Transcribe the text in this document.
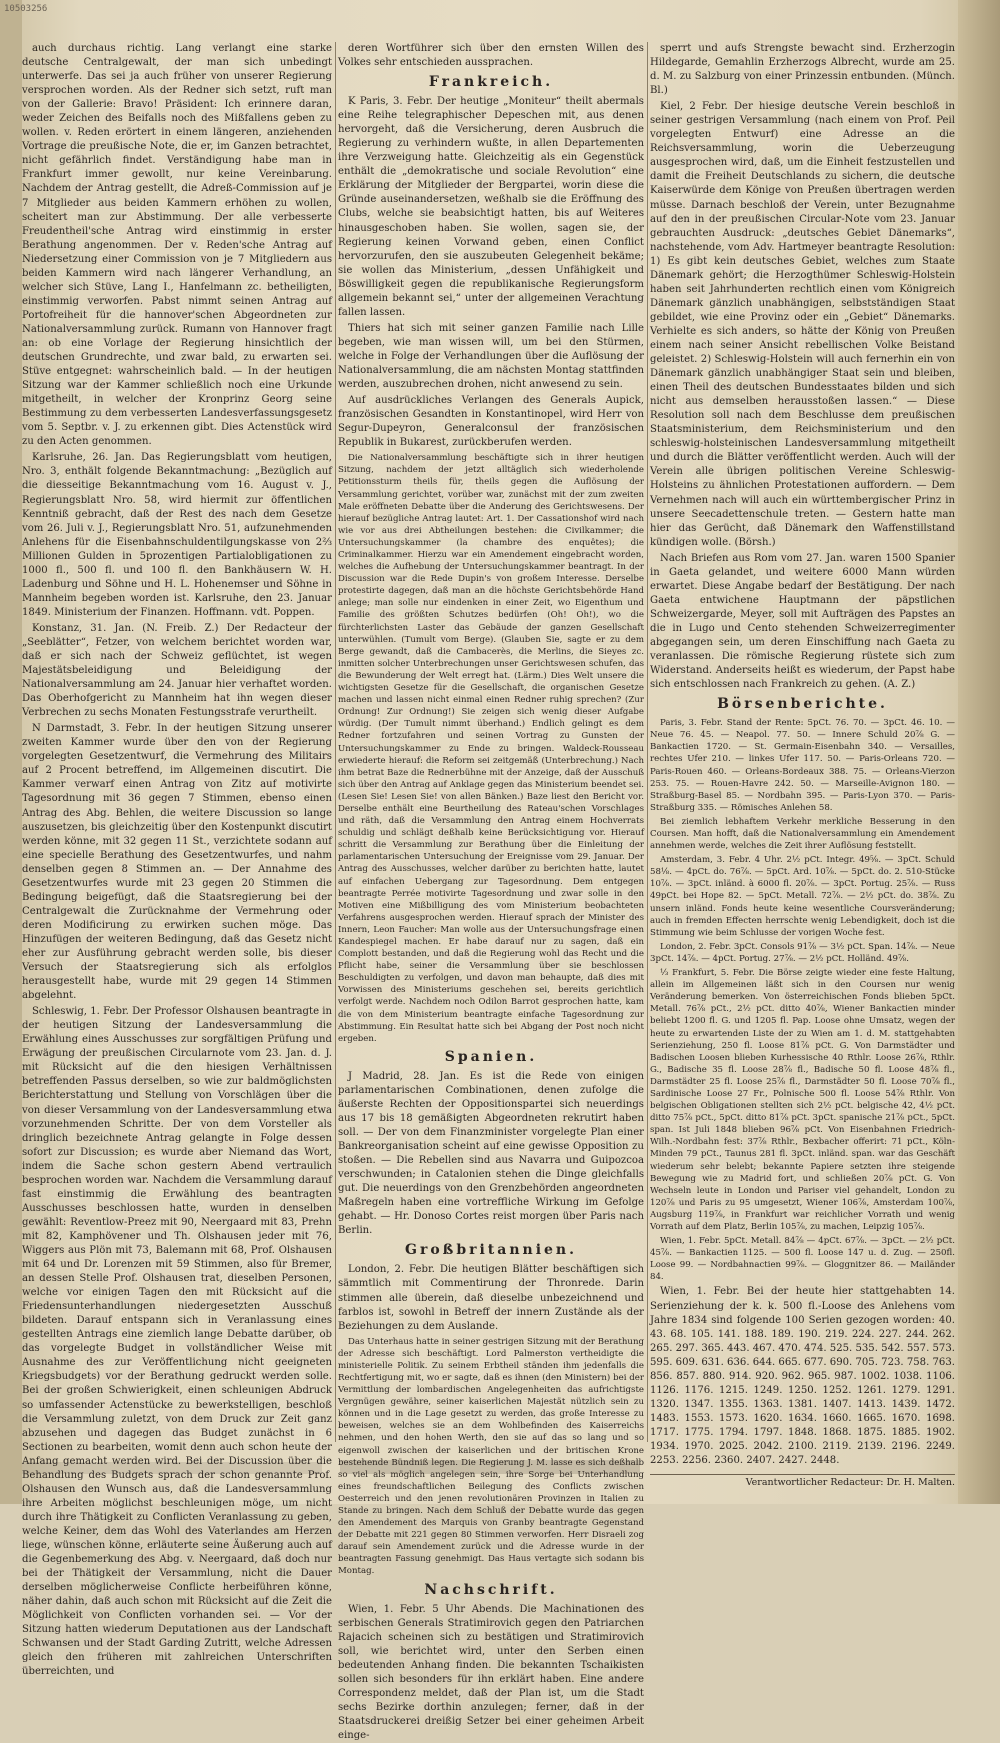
10503256

auch durchaus richtig. Lang verlangt eine starke deutsche Centralgewalt, der man sich unbedingt unterwerfe. Das sei ja auch früher von unserer Regierung versprochen worden. Als der Redner sich setzt, ruft man von der Gallerie: Bravo! Präsident: Ich erinnere daran, weder Zeichen des Beifalls noch des Mißfallens geben zu wollen. v. Reden erörtert in einem längeren, anziehenden Vortrage die preußische Note, die er, im Ganzen betrachtet, nicht gefährlich findet. Verständigung habe man in Frankfurt immer gewollt, nur keine Vereinbarung. Nachdem der Antrag gestellt, die Adreß-Commission auf je 7 Mitglieder aus beiden Kammern erhöhen zu wollen, scheitert man zur Abstimmung. Der alle verbesserte Freudentheil'sche Antrag wird einstimmig in erster Berathung angenommen. Der v. Reden'sche Antrag auf Niedersetzung einer Commission von je 7 Mitgliedern aus beiden Kammern wird nach längerer Verhandlung, an welcher sich Stüve, Lang I., Hanfelmann zc. betheiligten, einstimmig verworfen. Pabst nimmt seinen Antrag auf Portofreiheit für die hannover'schen Abgeordneten zur Nationalversammlung zurück. Rumann von Hannover fragt an: ob eine Vorlage der Regierung hinsichtlich der deutschen Grundrechte, und zwar bald, zu erwarten sei. Stüve entgegnet: wahrscheinlich bald. — In der heutigen Sitzung war der Kammer schließlich noch eine Urkunde mitgetheilt, in welcher der Kronprinz Georg seine Bestimmung zu dem verbesserten Landesverfassungsgesetz vom 5. Septbr. v. J. zu erkennen gibt. Dies Actenstück wird zu den Acten genommen.

Karlsruhe, 26. Jan. Das Regierungsblatt vom heutigen, Nro. 3, enthält folgende Bekanntmachung: „Bezüglich auf die diesseitige Bekanntmachung vom 16. August v. J., Regierungsblatt Nro. 58, wird hiermit zur öffentlichen Kenntniß gebracht, daß der Rest des nach dem Gesetze vom 26. Juli v. J., Regierungsblatt Nro. 51, aufzunehmenden Anlehens für die Eisenbahnschuldentilgungskasse von 2⅔ Millionen Gulden in 5prozentigen Partialobligationen zu 1000 fl., 500 fl. und 100 fl. den Bankhäusern W. H. Ladenburg und Söhne und H. L. Hohenemser und Söhne in Mannheim begeben worden ist. Karlsruhe, den 23. Januar 1849. Ministerium der Finanzen. Hoffmann. vdt. Poppen.

Konstanz, 31. Jan. (N. Freib. Z.) Der Redacteur der „Seeblätter“, Fetzer, von welchem berichtet worden war, daß er sich nach der Schweiz geflüchtet, ist wegen Majestätsbeleidigung und Beleidigung der Nationalversammlung am 24. Januar hier verhaftet worden. Das Oberhofgericht zu Mannheim hat ihn wegen dieser Verbrechen zu sechs Monaten Festungsstrafe verurtheilt.

N Darmstadt, 3. Febr. In der heutigen Sitzung unserer zweiten Kammer wurde über den von der Regierung vorgelegten Gesetzentwurf, die Vermehrung des Militairs auf 2 Procent betreffend, im Allgemeinen discutirt. Die Kammer verwarf einen Antrag von Zitz auf motivirte Tagesordnung mit 36 gegen 7 Stimmen, ebenso einen Antrag des Abg. Behlen, die weitere Discussion so lange auszusetzen, bis gleichzeitig über den Kostenpunkt discutirt werden könne, mit 32 gegen 11 St., verzichtete sodann auf eine specielle Berathung des Gesetzentwurfes, und nahm denselben gegen 8 Stimmen an. — Der Annahme des Gesetzentwurfes wurde mit 23 gegen 20 Stimmen die Bedingung beigefügt, daß die Staatsregierung bei der Centralgewalt die Zurücknahme der Vermehrung oder deren Modificirung zu erwirken suchen möge. Das Hinzufügen der weiteren Bedingung, daß das Gesetz nicht eher zur Ausführung gebracht werden solle, bis dieser Versuch der Staatsregierung sich als erfolglos herausgestellt habe, wurde mit 29 gegen 14 Stimmen abgelehnt.

Schleswig, 1. Febr. Der Professor Olshausen beantragte in der heutigen Sitzung der Landesversammlung die Erwählung eines Ausschusses zur sorgfältigen Prüfung und Erwägung der preußischen Circularnote vom 23. Jan. d. J. mit Rücksicht auf die den hiesigen Verhältnissen betreffenden Passus derselben, so wie zur baldmöglichsten Berichterstattung und Stellung von Vorschlägen über die von dieser Versammlung von der Landesversammlung etwa vorzunehmenden Schritte. Der von dem Vorsteller als dringlich bezeichnete Antrag gelangte in Folge dessen sofort zur Discussion; es wurde aber Niemand das Wort, indem die Sache schon gestern Abend vertraulich besprochen worden war. Nachdem die Versammlung darauf fast einstimmig die Erwählung des beantragten Ausschusses beschlossen hatte, wurden in denselben gewählt: Reventlow-Preez mit 90, Neergaard mit 83, Prehn mit 82, Kamphövener und Th. Olshausen jeder mit 76, Wiggers aus Plön mit 73, Balemann mit 68, Prof. Olshausen mit 64 und Dr. Lorenzen mit 59 Stimmen, also für Bremer, an dessen Stelle Prof. Olshausen trat, dieselben Personen, welche vor einigen Tagen den mit Rücksicht auf die Friedensunterhandlungen niedergesetzten Ausschuß bildeten. Darauf entspann sich in Veranlassung eines gestellten Antrags eine ziemlich lange Debatte darüber, ob das vorgelegte Budget in vollständlicher Weise mit Ausnahme des zur Veröffentlichung nicht geeigneten Kriegsbudgets) vor der Berathung gedruckt werden solle. Bei der großen Schwierigkeit, einen schleunigen Abdruck so umfassender Actenstücke zu bewerkstelligen, beschloß die Versammlung zuletzt, von dem Druck zur Zeit ganz abzusehen und dagegen das Budget zunächst in 6 Sectionen zu bearbeiten, womit denn auch schon heute der Anfang gemacht werden wird. Bei der Discussion über die Behandlung des Budgets sprach der schon genannte Prof. Olshausen den Wunsch aus, daß die Landesversammlung ihre Arbeiten möglichst beschleunigen möge, um nicht durch ihre Thätigkeit zu Conflicten Veranlassung zu geben, welche Keiner, dem das Wohl des Vaterlandes am Herzen liege, wünschen könne, erläuterte seine Äußerung auch auf die Gegenbemerkung des Abg. v. Neergaard, daß doch nur bei der Thätigkeit der Versammlung, nicht die Dauer derselben möglicherweise Conflicte herbeiführen könne, näher dahin, daß auch schon mit Rücksicht auf die Zeit die Möglichkeit von Conflicten vorhanden sei. — Vor der Sitzung hatten wiederum Deputationen aus der Landschaft Schwansen und der Stadt Garding Zutritt, welche Adressen gleich den früheren mit zahlreichen Unterschriften überreichten, und

deren Wortführer sich über den ernsten Willen des Volkes sehr entschieden aussprachen.

Frankreich.

K Paris, 3. Febr. Der heutige „Moniteur“ theilt abermals eine Reihe telegraphischer Depeschen mit, aus denen hervorgeht, daß die Versicherung, deren Ausbruch die Regierung zu verhindern wußte, in allen Departementen ihre Verzweigung hatte. Gleichzeitig als ein Gegenstück enthält die „demokratische und sociale Revolution“ eine Erklärung der Mitglieder der Bergpartei, worin diese die Gründe auseinandersetzen, weßhalb sie die Eröffnung des Clubs, welche sie beabsichtigt hatten, bis auf Weiteres hinausgeschoben haben. Sie wollen, sagen sie, der Regierung keinen Vorwand geben, einen Conflict hervorzurufen, den sie auszubeuten Gelegenheit bekäme; sie wollen das Ministerium, „dessen Unfähigkeit und Böswilligkeit gegen die republikanische Regierungsform allgemein bekannt sei,“ unter der allgemeinen Verachtung fallen lassen.

Thiers hat sich mit seiner ganzen Familie nach Lille begeben, wie man wissen will, um bei den Stürmen, welche in Folge der Verhandlungen über die Auflösung der Nationalversammlung, die am nächsten Montag stattfinden werden, auszubrechen drohen, nicht anwesend zu sein.

Auf ausdrückliches Verlangen des Generals Aupick, französischen Gesandten in Konstantinopel, wird Herr von Segur-Dupeyron, Generalconsul der französischen Republik in Bukarest, zurückberufen werden.

Die Nationalversammlung beschäftigte sich in ihrer heutigen Sitzung, nachdem der jetzt alltäglich sich wiederholende Petitionssturm theils für, theils gegen die Auflösung der Versammlung gerichtet, vorüber war, zunächst mit der zum zweiten Male eröffneten Debatte über die Anderung des Gerichtswesens. Der hierauf bezügliche Antrag lautet: Art. 1. Der Cassationshof wird nach wie vor aus drei Abtheilungen bestehen: die Civilkammer; die Untersuchungskammer (la chambre des enquêtes); die Criminalkammer. Hierzu war ein Amendement eingebracht worden, welches die Aufhebung der Untersuchungskammer beantragt. In der Discussion war die Rede Dupin's von großem Interesse. Derselbe protestirte dagegen, daß man an die höchste Gerichtsbehörde Hand anlege; man solle nur eindenken in einer Zeit, wo Eigenthum und Familie des größten Schutzes bedürfen (Oh! Oh!), wo die fürchterlichsten Laster das Gebäude der ganzen Gesellschaft unterwühlen. (Tumult vom Berge). (Glauben Sie, sagte er zu dem Berge gewandt, daß die Cambacerès, die Merlins, die Sieyes zc. inmitten solcher Unterbrechungen unser Gerichtswesen schufen, das die Bewunderung der Welt erregt hat. (Lärm.) Dies Welt unsere die wichtigsten Gesetze für die Gesellschaft, die organischen Gesetze machen und lassen nicht einmal einen Redner ruhig sprechen? (Zur Ordnung! Zur Ordnung!) Sie zeigen sich wenig dieser Aufgabe würdig. (Der Tumult nimmt überhand.) Endlich gelingt es dem Redner fortzufahren und seinen Vortrag zu Gunsten der Untersuchungskammer zu Ende zu bringen. Waldeck-Rousseau erwiederte hierauf: die Reform sei zeitgemäß (Unterbrechung.) Nach ihm betrat Baze die Rednerbühne mit der Anzeige, daß der Ausschuß sich über den Antrag auf Anklage gegen das Ministerium beendet sei. (Lesen Sie! Lesen Sie! von allen Bänken.) Baze liest den Bericht vor. Derselbe enthält eine Beurtheilung des Rateau'schen Vorschlages und räth, daß die Versammlung den Antrag einem Hochverrats schuldig und schlägt deßhalb keine Berücksichtigung vor. Hierauf schritt die Versammlung zur Berathung über die Einleitung der parlamentarischen Untersuchung der Ereignisse vom 29. Januar. Der Antrag des Ausschusses, welcher darüber zu berichten hatte, lautet auf einfachen Uebergang zur Tagesordnung. Dem entgegen beantragte Perrée motivirte Tagesordnung und zwar solle in den Motiven eine Mißbilligung des vom Ministerium beobachteten Verfahrens ausgesprochen werden. Hierauf sprach der Minister des Innern, Leon Faucher: Man wolle aus der Untersuchungsfrage einen Kandespiegel machen. Er habe darauf nur zu sagen, daß ein Complott bestanden, und daß die Regierung wohl das Recht und die Pflicht habe, seiner die Versammlung über sie beschlossen Beschuldigten zu verfolgen, und davon man behaupte, daß dies mit Vorwissen des Ministeriums geschehen sei, bereits gerichtlich verfolgt werde. Nachdem noch Odilon Barrot gesprochen hatte, kam die von dem Ministerium beantragte einfache Tagesordnung zur Abstimmung. Ein Resultat hatte sich bei Abgang der Post noch nicht ergeben.

Spanien.

J Madrid, 28. Jan. Es ist die Rede von einigen parlamentarischen Combinationen, denen zufolge die äußerste Rechten der Oppositionspartei sich neuerdings aus 17 bis 18 gemäßigten Abgeordneten rekrutirt haben soll. — Der von dem Finanzminister vorgelegte Plan einer Bankreorganisation scheint auf eine gewisse Opposition zu stoßen. — Die Rebellen sind aus Navarra und Guipozcoa verschwunden; in Catalonien stehen die Dinge gleichfalls gut. Die neuerdings von den Grenzbehörden angeordneten Maßregeln haben eine vortreffliche Wirkung im Gefolge gehabt. — Hr. Donoso Cortes reist morgen über Paris nach Berlin.

Großbritannien.

London, 2. Febr. Die heutigen Blätter beschäftigen sich sämmtlich mit Commentirung der Thronrede. Darin stimmen alle überein, daß dieselbe unbezeichnend und farblos ist, sowohl in Betreff der innern Zustände als der Beziehungen zu dem Auslande.

Das Unterhaus hatte in seiner gestrigen Sitzung mit der Berathung der Adresse sich beschäftigt. Lord Palmerston vertheidigte die ministerielle Politik. Zu seinem Erbtheil ständen ihm jedenfalls die Rechtfertigung mit, wo er sagte, daß es ihnen (den Ministern) bei der Vermittlung der lombardischen Angelegenheiten das aufrichtigste Vergnügen gewähre, seiner kaiserlichen Majestät nützlich sein zu können und in die Lage gesetzt zu werden, das große Interesse zu beweisen, welches sie an dem Wohlbefinden des Kaiserreichs nehmen, und den hohen Werth, den sie auf das so lang und so eigenwoll zwischen der kaiserlichen und der britischen Krone bestehende Bündniß legen. Die Regierung J. M. lasse es sich deßhalb so viel als möglich angelegen sein, ihre Sorge bei Unterhandlung eines freundschaftlichen Beilegung des Conflicts zwischen Oesterreich und den jenen revolutionären Provinzen in Italien zu Stande zu bringen. Nach dem Schluß der Debatte wurde das gegen den Amendement des Marquis von Granby beantragte Gegenstand der Debatte mit 221 gegen 80 Stimmen verworfen. Herr Disraeli zog darauf sein Amendement zurück und die Adresse wurde in der beantragten Fassung genehmigt. Das Haus vertagte sich sodann bis Montag.

Nachschrift.

Wien, 1. Febr. 5 Uhr Abends. Die Machinationen des serbischen Generals Stratimirovich gegen den Patriarchen Rajacich scheinen sich zu bestätigen und Stratimirovich soll, wie berichtet wird, unter den Serben einen bedeutenden Anhang finden. Die bekannten Tschaikisten sollen sich besonders für ihn erklärt haben. Eine andere Correspondenz meldet, daß der Plan ist, um die Stadt sechs Bezirke dorthin anzulegen; ferner, daß in der Staatsdruckerei dreißig Setzer bei einer geheimen Arbeit einge-

sperrt und aufs Strengste bewacht sind. Erzherzogin Hildegarde, Gemahlin Erzherzogs Albrecht, wurde am 25. d. M. zu Salzburg von einer Prinzessin entbunden. (Münch. Bl.)

Kiel, 2 Febr. Der hiesige deutsche Verein beschloß in seiner gestrigen Versammlung (nach einem von Prof. Peil vorgelegten Entwurf) eine Adresse an die Reichsversammlung, worin die Ueberzeugung ausgesprochen wird, daß, um die Einheit festzustellen und damit die Freiheit Deutschlands zu sichern, die deutsche Kaiserwürde dem Könige von Preußen übertragen werden müsse. Darnach beschloß der Verein, unter Bezugnahme auf den in der preußischen Circular-Note vom 23. Januar gebrauchten Ausdruck: „deutsches Gebiet Dänemarks“, nachstehende, vom Adv. Hartmeyer beantragte Resolution: 1) Es gibt kein deutsches Gebiet, welches zum Staate Dänemark gehört; die Herzogthümer Schleswig-Holstein haben seit Jahrhunderten rechtlich einen vom Königreich Dänemark gänzlich unabhängigen, selbstständigen Staat gebildet, wie eine Provinz oder ein „Gebiet“ Dänemarks. Verhielte es sich anders, so hätte der König von Preußen einem nach seiner Ansicht rebellischen Volke Beistand geleistet. 2) Schleswig-Holstein will auch fernerhin ein von Dänemark gänzlich unabhängiger Staat sein und bleiben, einen Theil des deutschen Bundesstaates bilden und sich nicht aus demselben herausstoßen lassen.“ — Diese Resolution soll nach dem Beschlusse dem preußischen Staatsministerium, dem Reichsministerium und den schleswig-holsteinischen Landesversammlung mitgetheilt und durch die Blätter veröffentlicht werden. Auch will der Verein alle übrigen politischen Vereine Schleswig-Holsteins zu ähnlichen Protestationen auffordern. — Dem Vernehmen nach will auch ein württembergischer Prinz in unsere Seecadettenschule treten. — Gestern hatte man hier das Gerücht, daß Dänemark den Waffenstillstand kündigen wolle. (Börsh.)

Nach Briefen aus Rom vom 27. Jan. waren 1500 Spanier in Gaeta gelandet, und weitere 6000 Mann würden erwartet. Diese Angabe bedarf der Bestätigung. Der nach Gaeta entwichene Hauptmann der päpstlichen Schweizergarde, Meyer, soll mit Aufträgen des Papstes an die in Lugo und Cento stehenden Schweizerregimenter abgegangen sein, um deren Einschiffung nach Gaeta zu veranlassen. Die römische Regierung rüstete sich zum Widerstand. Anderseits heißt es wiederum, der Papst habe sich entschlossen nach Frankreich zu gehen. (A. Z.)

Börsenberichte.

Paris, 3. Febr. Stand der Rente: 5pCt. 76. 70. — 3pCt. 46. 10. — Neue 76. 45. — Neapol. 77. 50. — Innere Schuld 20⅞ G. — Bankactien 1720. — St. Germain-Eisenbahn 340. — Versailles, rechtes Ufer 210. — linkes Ufer 117. 50. — Paris-Orleans 720. — Paris-Rouen 460. — Orleans-Bordeaux 388. 75. — Orleans-Vierzon 253. 75. — Rouen-Havre 242. 50. — Marseille-Avignon 180. — Straßburg-Basel 85. — Nordbahn 395. — Paris-Lyon 370. — Paris-Straßburg 335. — Römisches Anlehen 58.

Bei ziemlich lebhaftem Verkehr merkliche Besserung in den Coursen. Man hofft, daß die Nationalversammlung ein Amendement annehmen werde, welches die Zeit ihrer Auflösung feststellt.

Amsterdam, 3. Febr. 4 Uhr. 2½ pCt. Integr. 49⅝. — 3pCt. Schuld 58⅛. — 4pCt. do. 76⅞. — 5pCt. Ard. 10⅞. — 5pCt. do. 2. 510-Stücke 10⅞. — 3pCt. inländ. à 6000 fl. 20⅞. — 3pCt. Portug. 25⅞. — Russ 49pCt. bei Hope 82. — 5pCt. Metall. 72⅞. — 2½ pCt. do. 38⅞. Zu unsern inländ. Fonds heute keine wesentliche Coursveränderung; auch in fremden Effecten herrschte wenig Lebendigkeit, doch ist die Stimmung wie beim Schlusse der vorigen Woche fest.

London, 2. Febr. 3pCt. Consols 91⅞ — 3½ pCt. Span. 14⅞. — Neue 3pCt. 14⅞. — 4pCt. Portug. 27⅞. — 2½ pCt. Holländ. 49⅞.

⅓ Frankfurt, 5. Febr. Die Börse zeigte wieder eine feste Haltung, allein im Allgemeinen läßt sich in den Coursen nur wenig Veränderung bemerken. Von österreichischen Fonds blieben 5pCt. Metall. 76⅞ pCt., 2½ pCt. ditto 40⅞, Wiener Bankactien minder beliebt 1200 fl. G. und 1205 fl. Pap. Loose ohne Umsatz, wegen der heute zu erwartenden Liste der zu Wien am 1. d. M. stattgehabten Serienziehung, 250 fl. Loose 81⅞ pCt. G. Von Darmstädter und Badischen Loosen blieben Kurhessische 40 Rthlr. Loose 26⅞, Rthlr. G., Badische 35 fl. Loose 28⅞ fl., Badische 50 fl. Loose 48⅞ fl., Darmstädter 25 fl. Loose 25⅞ fl., Darmstädter 50 fl. Loose 70⅞ fl., Sardinische Loose 27 Fr., Polnische 500 fl. Loose 54⅞ Rthlr. Von belgischen Obligationen stellten sich 2½ pCt. belgische 42, 4½ pCt. ditto 75⅞ pCt., 5pCt. ditto 81⅞ pCt. 3pCt. spanische 21⅞ pCt., 5pCt. span. Ist Juli 1848 blieben 96⅞ pCt. Von Eisenbahnen Friedrich-Wilh.-Nordbahn fest: 37⅞ Rthlr., Bexbacher offerirt: 71 pCt., Köln-Minden 79 pCt., Taunus 281 fl. 3pCt. inländ. span. war das Geschäft wiederum sehr belebt; bekannte Papiere setzten ihre steigende Bewegung wie zu Madrid fort, und schließen 20⅞ pCt. G. Von Wechseln leute in London und Pariser viel gehandelt, London zu 120⅞ und Paris zu 95 umgesetzt, Wiener 106⅞, Amsterdam 100⅞, Augsburg 119⅞, in Frankfurt war reichlicher Vorrath und wenig Vorrath auf dem Platz, Berlin 105⅞, zu machen, Leipzig 105⅞.

Wien, 1. Febr. 5pCt. Metall. 84⅞ — 4pCt. 67⅞. — 3pCt. — 2½ pCt. 45⅞. — Bankactien 1125. — 500 fl. Loose 147 u. d. Zug. — 250fl. Loose 99. — Nordbahnactien 99⅞. — Gloggnitzer 86. — Mailänder 84.

Wien, 1. Febr. Bei der heute hier stattgehabten 14. Serienziehung der k. k. 500 fl.-Loose des Anlehens vom Jahre 1834 sind folgende 100 Serien gezogen worden: 40. 43. 68. 105. 141. 188. 189. 190. 219. 224. 227. 244. 262. 265. 297. 365. 443. 467. 470. 474. 525. 535. 542. 557. 573. 595. 609. 631. 636. 644. 665. 677. 690. 705. 723. 758. 763. 856. 857. 880. 914. 920. 962. 965. 987. 1002. 1038. 1106. 1126. 1176. 1215. 1249. 1250. 1252. 1261. 1279. 1291. 1320. 1347. 1355. 1363. 1381. 1407. 1413. 1439. 1472. 1483. 1553. 1573. 1620. 1634. 1660. 1665. 1670. 1698. 1717. 1775. 1794. 1797. 1848. 1868. 1875. 1885. 1902. 1934. 1970. 2025. 2042. 2100. 2119. 2139. 2196. 2249. 2253. 2256. 2360. 2407. 2427. 2448.

Verantwortlicher Redacteur: Dr. H. Malten.
